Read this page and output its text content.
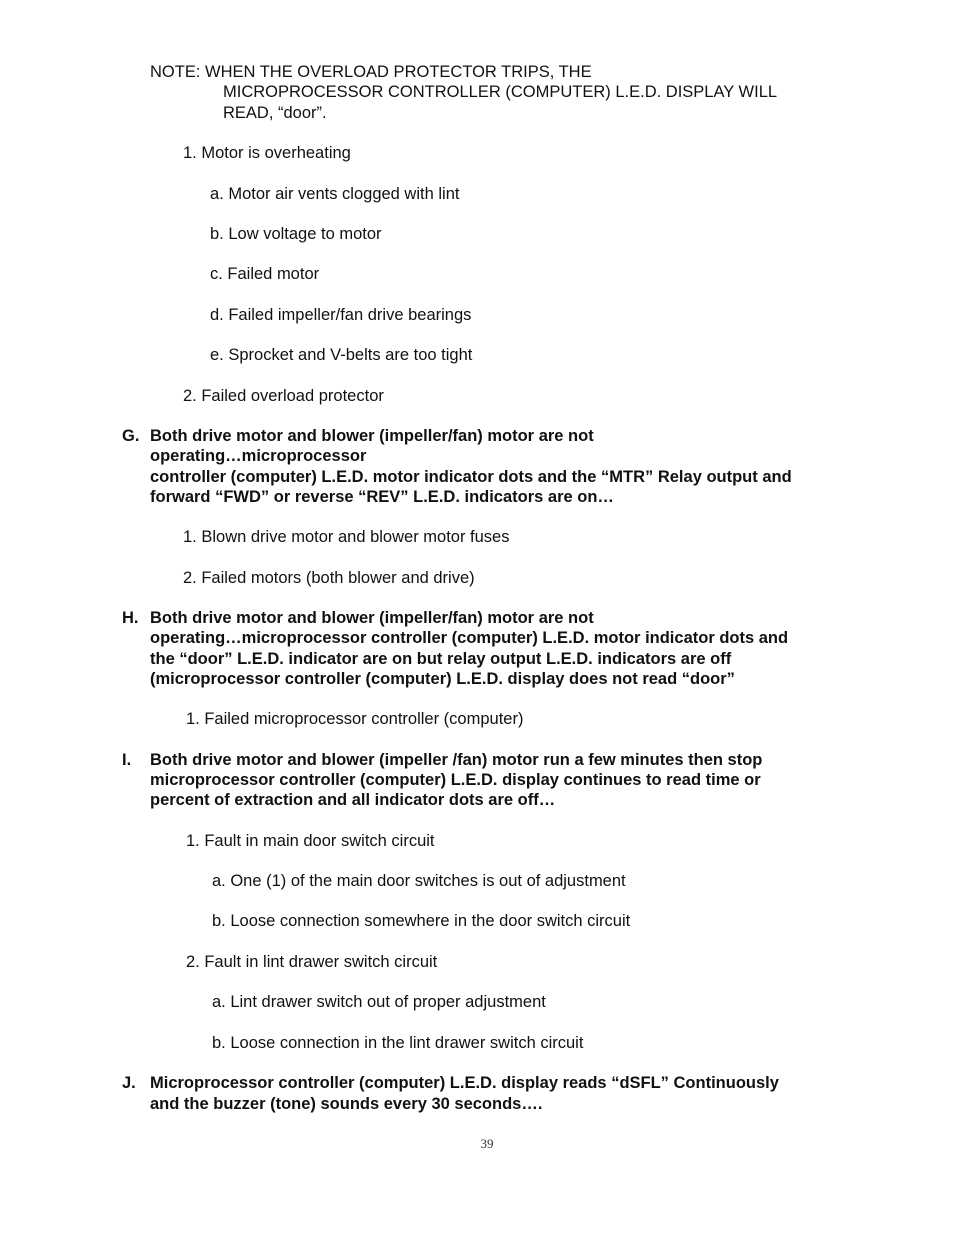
NOTE: WHEN THE OVERLOAD PROTECTOR TRIPS, THE
MICROPROCESSOR CONTROLLER (COMPUTER) L.E.D. DISPLAY WILL
READ, “door”.
1. Motor is overheating
a. Motor air vents clogged with lint
b. Low voltage to motor
c. Failed motor
d. Failed impeller/fan drive bearings
e. Sprocket and V-belts are too tight
2. Failed overload protector
G. Both drive motor and blower (impeller/fan) motor are not
operating…microprocessor
controller (computer) L.E.D. motor indicator dots and the “MTR” Relay output and
forward “FWD” or reverse “REV” L.E.D. indicators are on…
1. Blown drive motor and blower motor fuses
2. Failed motors (both blower and drive)
H. Both drive motor and blower (impeller/fan) motor are not
operating…microprocessor controller (computer) L.E.D. motor indicator dots and
the “door” L.E.D. indicator are on but relay output L.E.D. indicators are off
(microprocessor controller (computer) L.E.D. display does not read “door”
1. Failed microprocessor controller (computer)
I. Both drive motor and blower (impeller /fan) motor run a few minutes then stop
microprocessor controller (computer) L.E.D. display continues to read time or
percent of extraction and all indicator dots are off…
1. Fault in main door switch circuit
a. One (1) of the main door switches is out of adjustment
b. Loose connection somewhere in the door switch circuit
2. Fault in lint drawer switch circuit
a. Lint drawer switch out of proper adjustment
b. Loose connection in the lint drawer switch circuit
J. Microprocessor controller (computer) L.E.D. display reads “dSFL” Continuously
and the buzzer (tone) sounds every 30 seconds….
39
